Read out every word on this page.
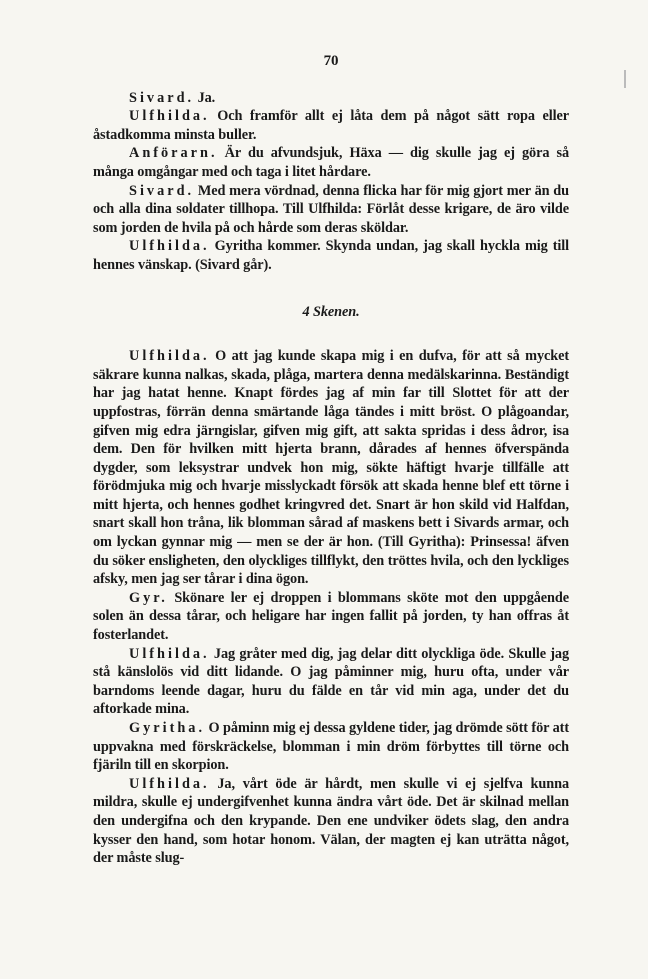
70

Sivard. Ja.

Ulfhilda. Och framför allt ej låta dem på något sätt ropa eller åstadkomma minsta buller.

Anförarn. Är du afvundsjuk, Häxa — dig skulle jag ej göra så många omgångar med och taga i litet hårdare.

Sivard. Med mera vördnad, denna flicka har för mig gjort mer än du och alla dina soldater tillhopa. Till Ulfhilda: Förlåt desse krigare, de äro vilde som jorden de hvila på och hårde som deras sköldar.

Ulfhilda. Gyritha kommer. Skynda undan, jag skall hyckla mig till hennes vänskap. (Sivard går).

4 Skenen.

Ulfhilda. O att jag kunde skapa mig i en dufva, för att så mycket säkrare kunna nalkas, skada, plåga, martera denna medälskarinna. Beständigt har jag hatat henne. Knapt fördes jag af min far till Slottet för att der uppfostras, förrän denna smärtande låga tändes i mitt bröst. O plågoandar, gifven mig edra järngislar, gifven mig gift, att sakta spridas i dess ådror, isa dem. Den för hvilken mitt hjerta brann, dårades af hennes öfverspända dygder, som leksystrar undvek hon mig, sökte häftigt hvarje tillfälle att förödmjuka mig och hvarje misslyckadt försök att skada henne blef ett törne i mitt hjerta, och hennes godhet kringvred det. Snart är hon skild vid Halfdan, snart skall hon tråna, lik blomman sårad af maskens bett i Sivards armar, och om lyckan gynnar mig — men se der är hon. (Till Gyritha): Prinsessa! äfven du söker ensligheten, den olyckliges tillflykt, den tröttes hvila, och den lyckliges afsky, men jag ser tårar i dina ögon.

Gyr. Skönare ler ej droppen i blommans sköte mot den uppgående solen än dessa tårar, och heligare har ingen fallit på jorden, ty han offras åt fosterlandet.

Ulfhilda. Jag gråter med dig, jag delar ditt olyckliga öde. Skulle jag stå känslolös vid ditt lidande. O jag påminner mig, huru ofta, under vår barndoms leende dagar, huru du fälde en tår vid min aga, under det du aftorkade mina.

Gyritha. O påminn mig ej dessa gyldene tider, jag drömde sött för att uppvakna med förskräckelse, blomman i min dröm förbyttes till törne och fjäriln till en skorpion.

Ulfhilda. Ja, vårt öde är hårdt, men skulle vi ej sjelfva kunna mildra, skulle ej undergifvenhet kunna ändra vårt öde. Det är skilnad mellan den undergifna och den krypande. Den ene undviker ödets slag, den andra kysser den hand, som hotar honom. Välan, der magten ej kan uträtta något, der måste slug-
